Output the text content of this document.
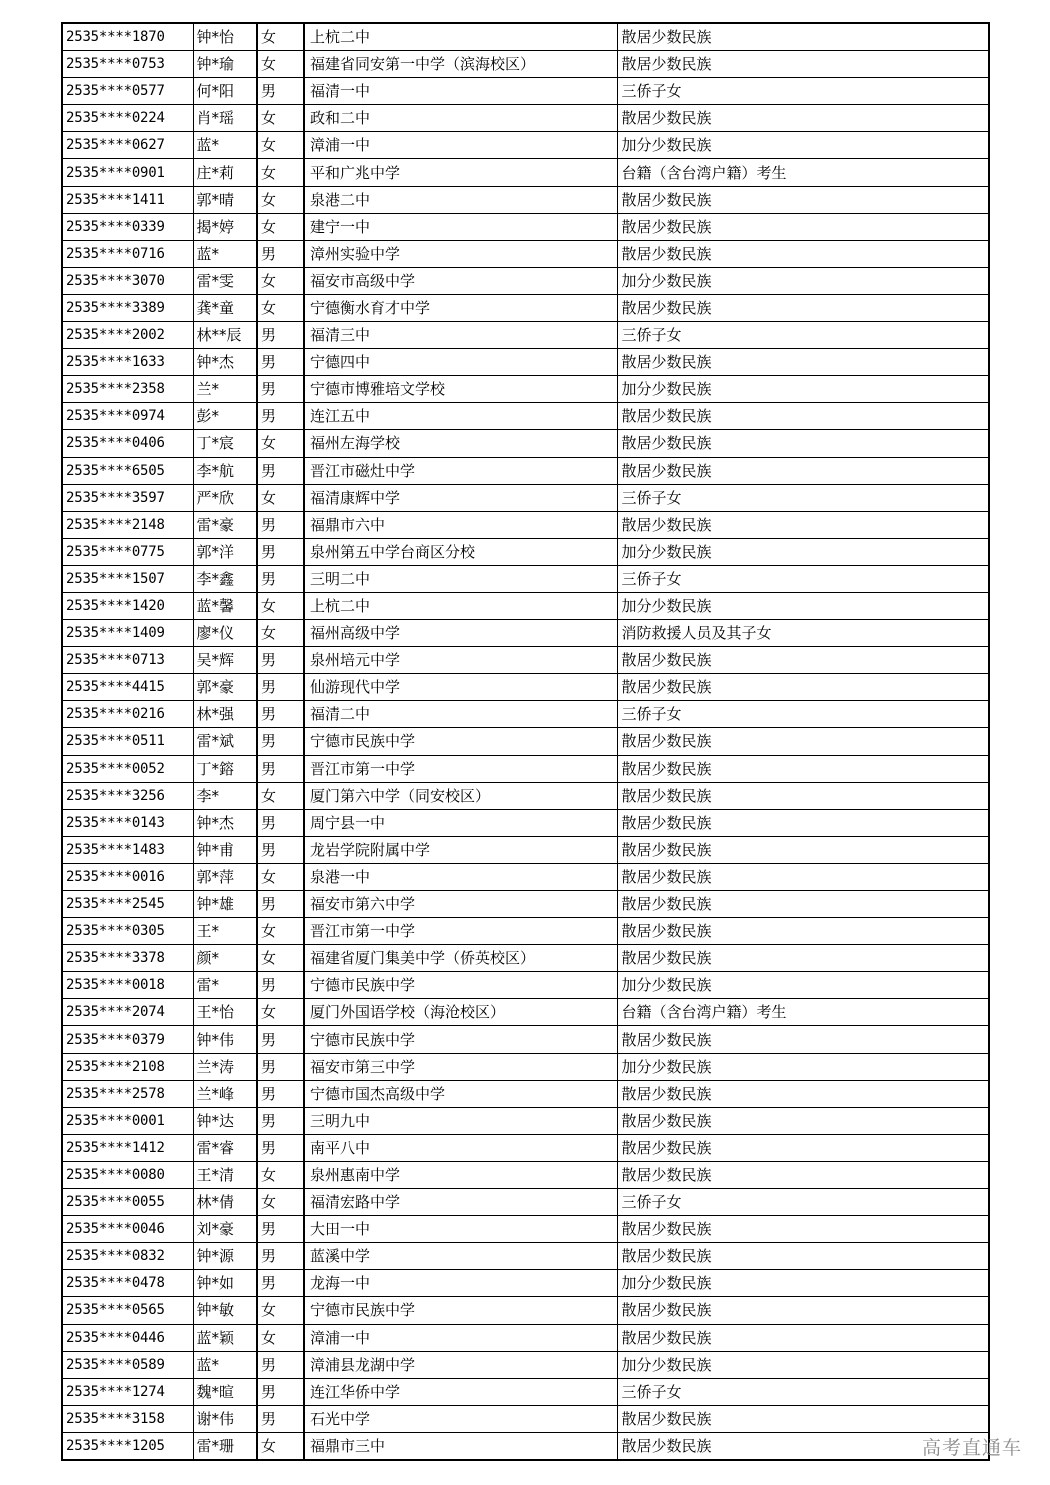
2535****1870	钟*怡	女	上杭二中	散居少数民族
2535****0753	钟*瑜	女	福建省同安第一中学（滨海校区）	散居少数民族
2535****0577	何*阳	男	福清一中	三侨子女
2535****0224	肖*瑶	女	政和二中	散居少数民族
2535****0627	蓝*	女	漳浦一中	加分少数民族
2535****0901	庄*莉	女	平和广兆中学	台籍（含台湾户籍）考生
2535****1411	郭*晴	女	泉港二中	散居少数民族
2535****0339	揭*婷	女	建宁一中	散居少数民族
2535****0716	蓝*	男	漳州实验中学	散居少数民族
2535****3070	雷*雯	女	福安市高级中学	加分少数民族
2535****3389	龚*童	女	宁德衡水育才中学	散居少数民族
2535****2002	林**辰	男	福清三中	三侨子女
2535****1633	钟*杰	男	宁德四中	散居少数民族
2535****2358	兰*	男	宁德市博雅培文学校	加分少数民族
2535****0974	彭*	男	连江五中	散居少数民族
2535****0406	丁*宸	女	福州左海学校	散居少数民族
2535****6505	李*航	男	晋江市磁灶中学	散居少数民族
2535****3597	严*欣	女	福清康辉中学	三侨子女
2535****2148	雷*豪	男	福鼎市六中	散居少数民族
2535****0775	郭*洋	男	泉州第五中学台商区分校	加分少数民族
2535****1507	李*鑫	男	三明二中	三侨子女
2535****1420	蓝*馨	女	上杭二中	加分少数民族
2535****1409	廖*仪	女	福州高级中学	消防救援人员及其子女
2535****0713	吴*辉	男	泉州培元中学	散居少数民族
2535****4415	郭*豪	男	仙游现代中学	散居少数民族
2535****0216	林*强	男	福清二中	三侨子女
2535****0511	雷*斌	男	宁德市民族中学	散居少数民族
2535****0052	丁*鎔	男	晋江市第一中学	散居少数民族
2535****3256	李*	女	厦门第六中学（同安校区）	散居少数民族
2535****0143	钟*杰	男	周宁县一中	散居少数民族
2535****1483	钟*甫	男	龙岩学院附属中学	散居少数民族
2535****0016	郭*萍	女	泉港一中	散居少数民族
2535****2545	钟*雄	男	福安市第六中学	散居少数民族
2535****0305	王*	女	晋江市第一中学	散居少数民族
2535****3378	颜*	女	福建省厦门集美中学（侨英校区）	散居少数民族
2535****0018	雷*	男	宁德市民族中学	加分少数民族
2535****2074	王*怡	女	厦门外国语学校（海沧校区）	台籍（含台湾户籍）考生
2535****0379	钟*伟	男	宁德市民族中学	散居少数民族
2535****2108	兰*涛	男	福安市第三中学	加分少数民族
2535****2578	兰*峰	男	宁德市国杰高级中学	散居少数民族
2535****0001	钟*达	男	三明九中	散居少数民族
2535****1412	雷*睿	男	南平八中	散居少数民族
2535****0080	王*清	女	泉州惠南中学	散居少数民族
2535****0055	林*倩	女	福清宏路中学	三侨子女
2535****0046	刘*豪	男	大田一中	散居少数民族
2535****0832	钟*源	男	蓝溪中学	散居少数民族
2535****0478	钟*如	男	龙海一中	加分少数民族
2535****0565	钟*敏	女	宁德市民族中学	散居少数民族
2535****0446	蓝*颖	女	漳浦一中	散居少数民族
2535****0589	蓝*	男	漳浦县龙湖中学	加分少数民族
2535****1274	魏*暄	男	连江华侨中学	三侨子女
2535****3158	谢*伟	男	石光中学	散居少数民族
2535****1205	雷*珊	女	福鼎市三中	散居少数民族	高考直通车
